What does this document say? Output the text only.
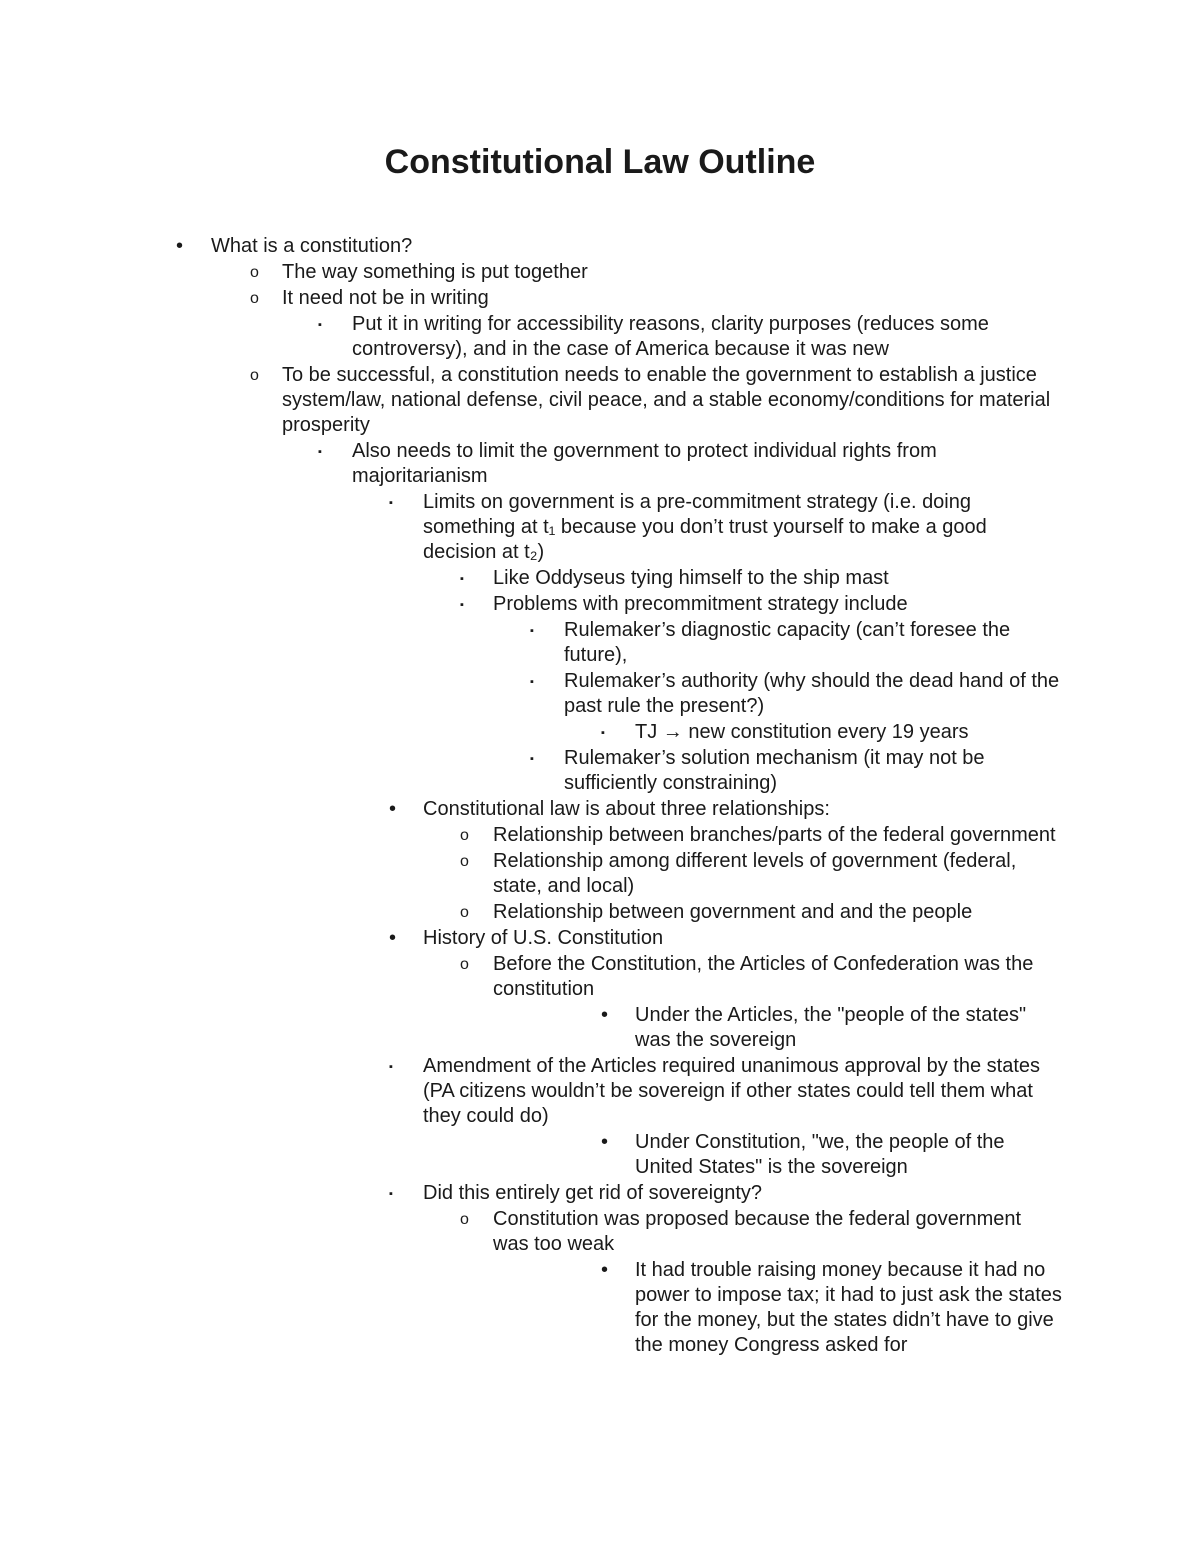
Constitutional Law Outline
•	What is a constitution?
o	The way something is put together
o	It need not be in writing
▪	Put it in writing for accessibility reasons, clarity purposes (reduces some controversy), and in the case of America because it was new
o	To be successful, a constitution needs to enable the government to establish a justice system/law, national defense, civil peace, and a stable economy/conditions for material prosperity
▪	Also needs to limit the government to protect individual rights from majoritarianism
▪	Limits on government is a pre-commitment strategy (i.e. doing something at t₁ because you don’t trust yourself to make a good decision at t₂)
▪	Like Oddyseus tying himself to the ship mast
▪	Problems with precommitment strategy include
▪	Rulemaker’s diagnostic capacity (can’t foresee the future),
▪	Rulemaker’s authority (why should the dead hand of the past rule the present?)
▪	TJ → new constitution every 19 years
▪	Rulemaker’s solution mechanism (it may not be sufficiently constraining)
•	Constitutional law is about three relationships:
o	Relationship between branches/parts of the federal government
o	Relationship among different levels of government (federal, state, and local)
o	Relationship between government and and the people
•	History of U.S. Constitution
o	Before the Constitution, the Articles of Confederation was the constitution
•	Under the Articles, the "people of the states" was the sovereign
▪	Amendment of the Articles required unanimous approval by the states (PA citizens wouldn’t be sovereign if other states could tell them what they could do)
•	Under Constitution, "we, the people of the United States" is the sovereign
▪	Did this entirely get rid of sovereignty?
o	Constitution was proposed because the federal government was too weak
•	It had trouble raising money because it had no power to impose tax; it had to just ask the states for the money, but the states didn’t have to give the money Congress asked for
